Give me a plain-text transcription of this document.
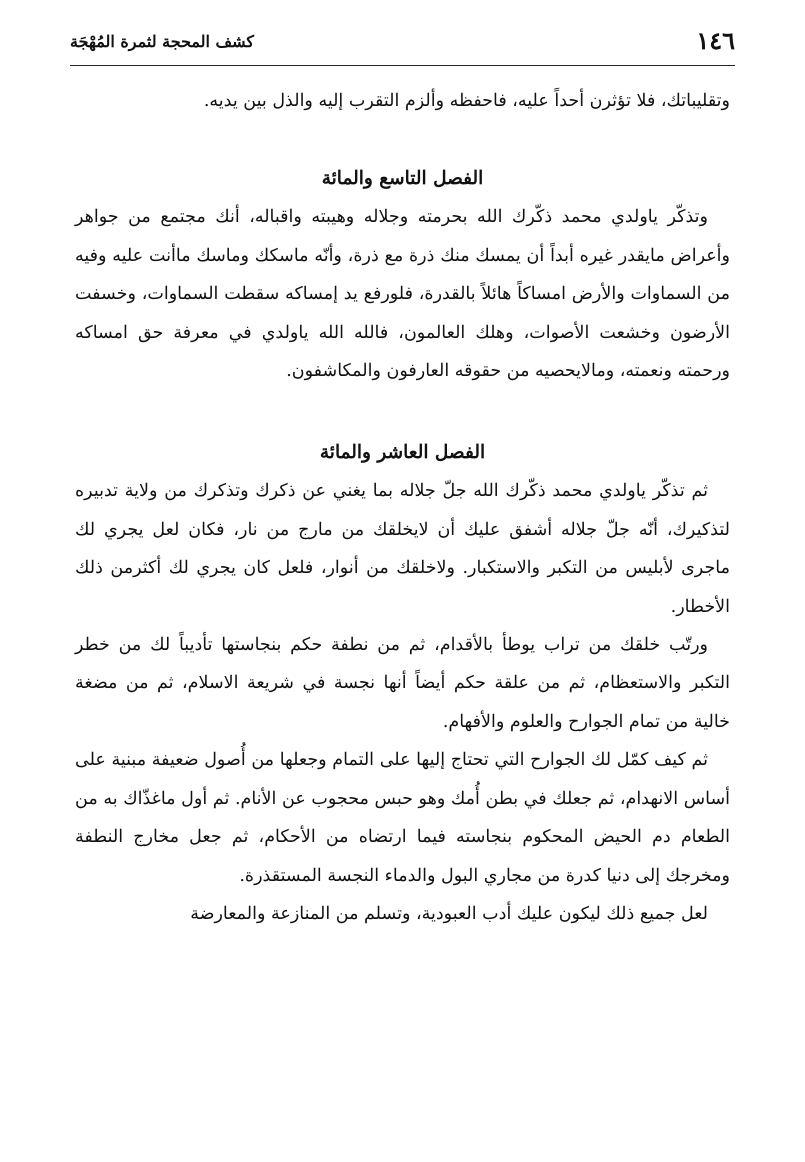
١٤٦
كشف المحجة لثمرة المُهْجَة

وتقليباتك، فلا تؤثرن أحداً عليه، فاحفظه وألزم التقرب إليه والذل بين يديه.

الفصل التاسع والمائة

وتذكّر ياولدي محمد ذكّرك الله بحرمته وجلاله وهيبته واقباله، أنك مجتمع من جواهر وأعراض مايقدر غيره أبداً أن يمسك منك ذرة مع ذرة، وأنّه ماسكك وماسك ماأنت عليه وفيه من السماوات والأرض امساكاً هائلاً بالقدرة، فلورفع يد إمساكه سقطت السماوات، وخسفت الأرضون وخشعت الأصوات، وهلك العالمون، فالله الله ياولدي في معرفة حق امساكه ورحمته ونعمته، ومالايحصيه من حقوقه العارفون والمكاشفون.

الفصل العاشر والمائة

ثم تذكّر ياولدي محمد ذكّرك الله جلّ جلاله بما يغني عن ذكرك وتذكرك من ولاية تدبيره لتذكيرك، أنّه جلّ جلاله أشفق عليك أن لايخلقك من مارج من نار، فكان لعل يجري لك ماجرى لأبليس من التكبر والاستكبار. ولاخلقك من أنوار، فلعل كان يجري لك أكثرمن ذلك الأخطار.

ورتّب خلقك من تراب يوطأ بالأقدام، ثم من نطفة حكم بنجاستها تأديباً لك من خطر التكبر والاستعظام، ثم من علقة حكم أيضاً أنها نجسة في شريعة الاسلام، ثم من مضغة خالية من تمام الجوارح والعلوم والأفهام.

ثم كيف كمّل لك الجوارح التي تحتاج إليها على التمام وجعلها من أُصول ضعيفة مبنية على أساس الانهدام، ثم جعلك في بطن أُمك وهو حبس محجوب عن الأنام. ثم أول ماغذّاك به من الطعام دم الحيض المحكوم بنجاسته فيما ارتضاه من الأحكام، ثم جعل مخارج النطفة ومخرجك إلى دنيا كدرة من مجاري البول والدماء النجسة المستقذرة.

لعل جميع ذلك ليكون عليك أدب العبودية، وتسلم من المنازعة والمعارضة
